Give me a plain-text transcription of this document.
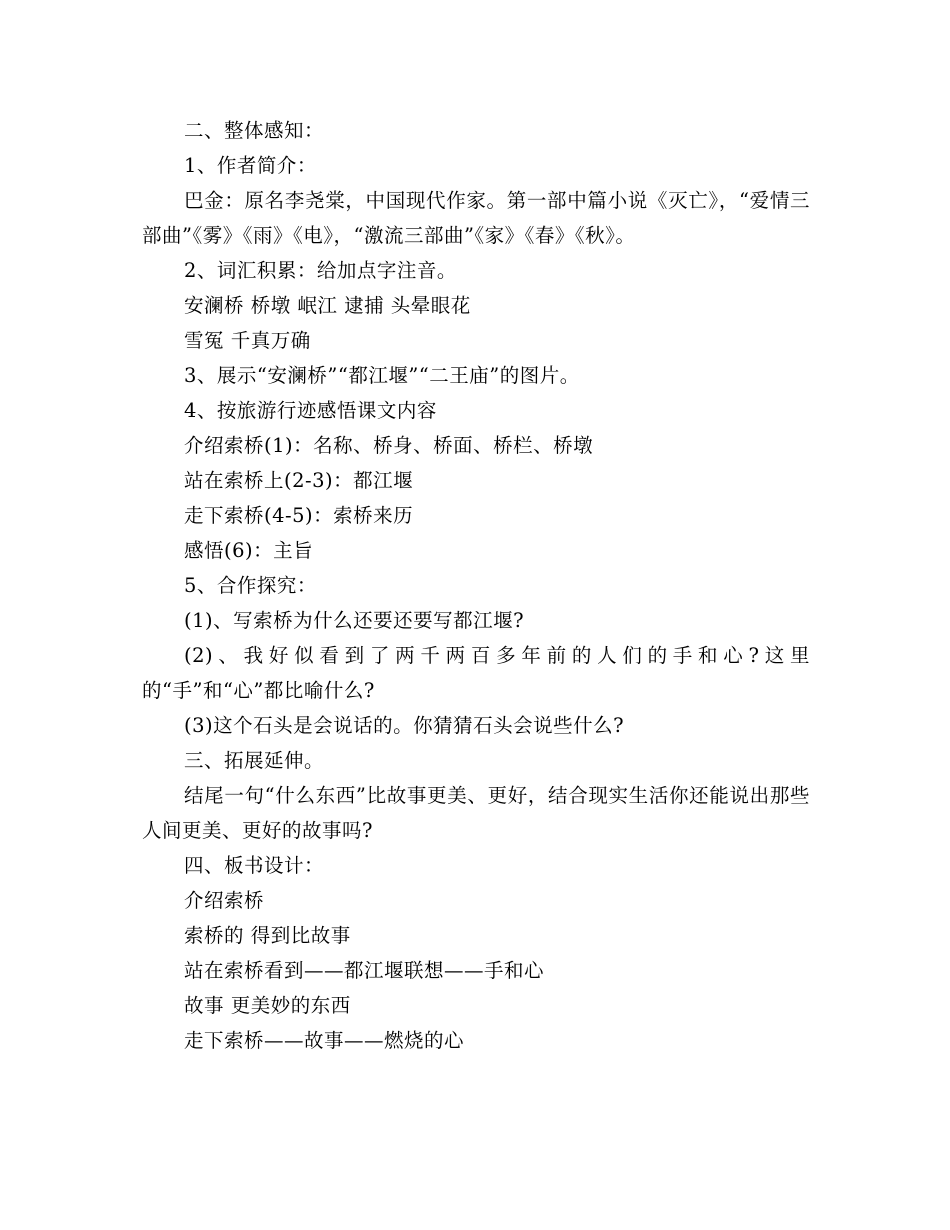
二、整体感知：

1、作者简介：

巴金：原名李尧棠，中国现代作家。第一部中篇小说《灭亡》，“爱情三部曲”《雾》《雨》《电》，“激流三部曲”《家》《春》《秋》。

2、词汇积累：给加点字注音。

安澜桥 桥墩 岷江 逮捕 头晕眼花

雪冤 千真万确

3、展示“安澜桥”“都江堰”“二王庙”的图片。

4、按旅游行迹感悟课文内容

介绍索桥(1)：名称、桥身、桥面、桥栏、桥墩

站在索桥上(2-3)：都江堰

走下索桥(4-5)：索桥来历

感悟(6)：主旨

5、合作探究：

(1)、写索桥为什么还要还要写都江堰?

(2)、我好似看到了两千两百多年前的人们的手和心?这里的“手”和“心”都比喻什么?

(3)这个石头是会说话的。你猜猜石头会说些什么?

三、拓展延伸。

结尾一句“什么东西”比故事更美、更好，结合现实生活你还能说出那些人间更美、更好的故事吗?

四、板书设计：

介绍索桥

索桥的 得到比故事

站在索桥看到——都江堰联想——手和心

故事 更美妙的东西

走下索桥——故事——燃烧的心
